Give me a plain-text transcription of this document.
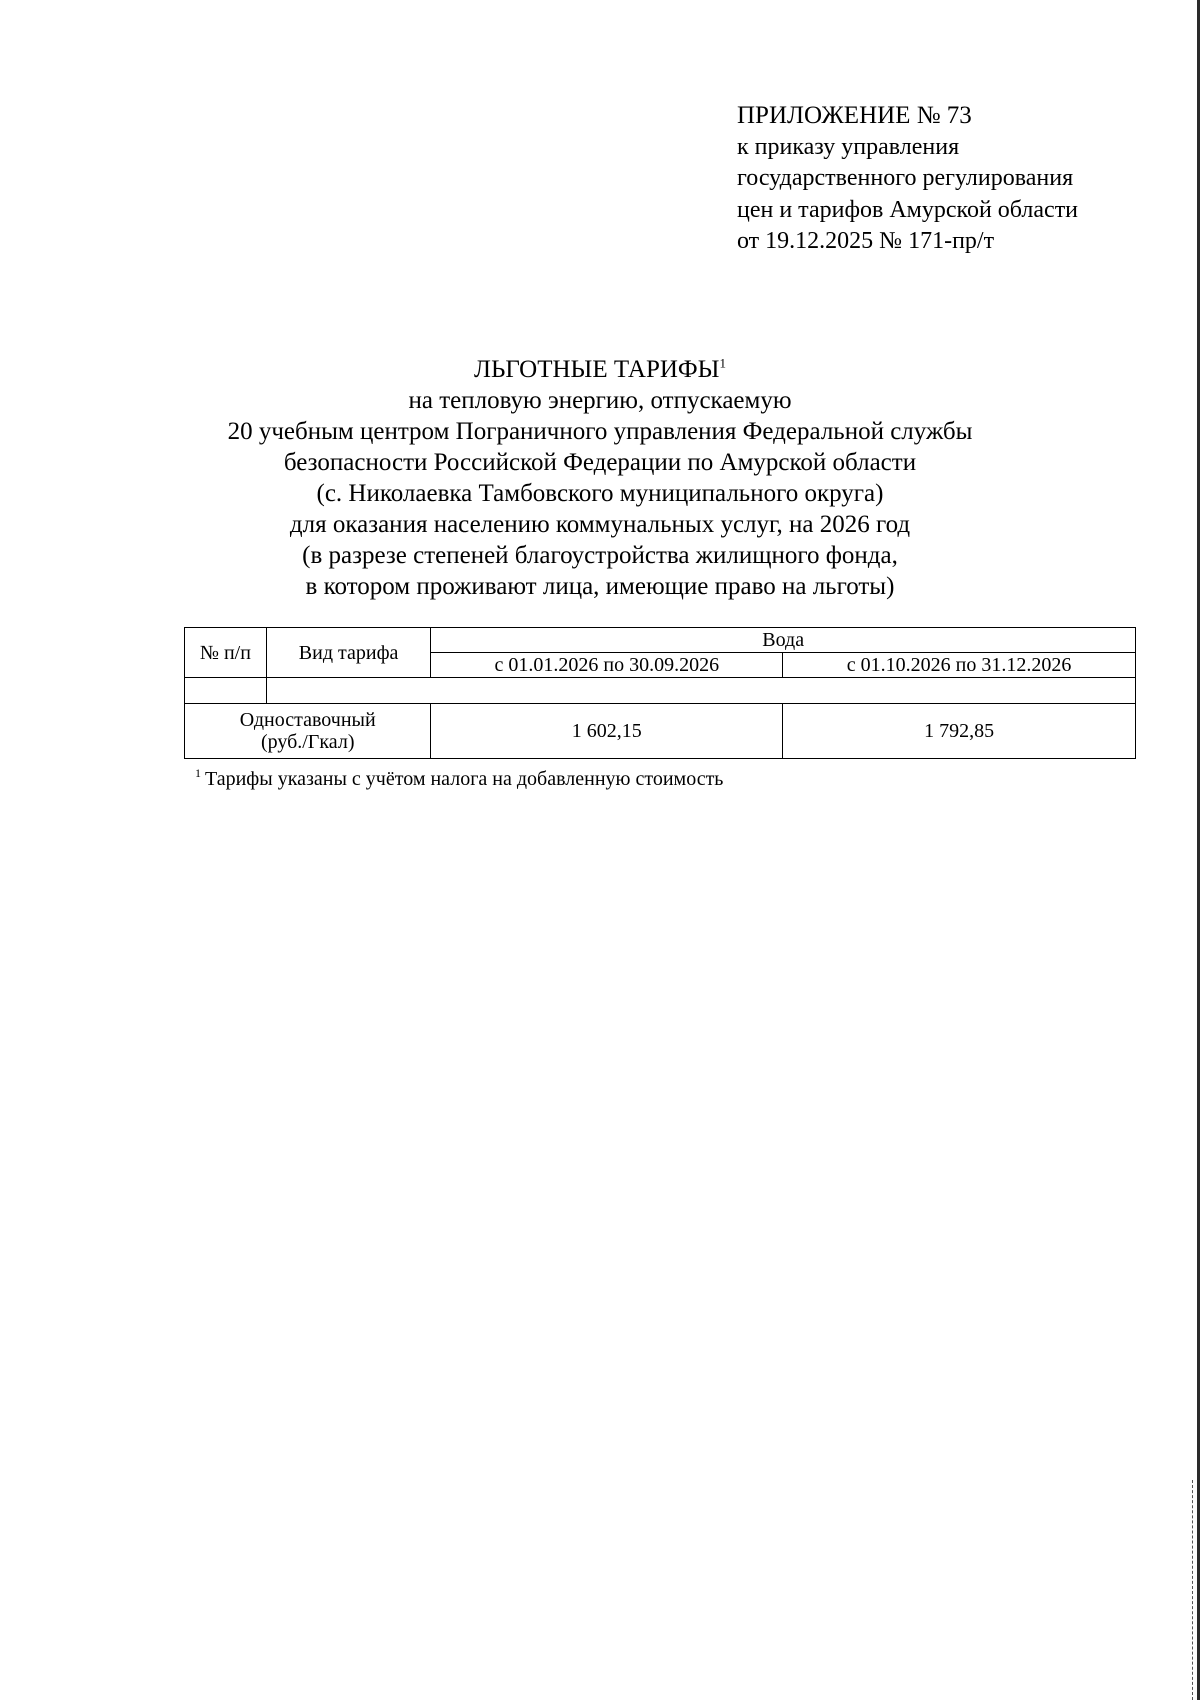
ПРИЛОЖЕНИЕ № 73
к приказу управления
государственного регулирования
цен и тарифов Амурской области
от 19.12.2025 № 171-пр/т
ЛЬГОТНЫЕ ТАРИФЫ$^1$
на тепловую энергию, отпускаемую
20 учебным центром Пограничного управления Федеральной службы
безопасности Российской Федерации по Амурской области
(с. Николаевка Тамбовского муниципального округа)
для оказания населению коммунальных услуг, на 2026 год
(в разрезе степеней благоустройства жилищного фонда,
в котором проживают лица, имеющие право на льготы)
№ п/п	Вид тарифа	Вода	
		с 01.01.2026 по 30.09.2026	с 01.10.2026 по 31.12.2026

Одноставочный
(руб./Гкал)		1 602,15	1 792,85
$^1$ Тарифы указаны с учётом налога на добавленную стоимость
